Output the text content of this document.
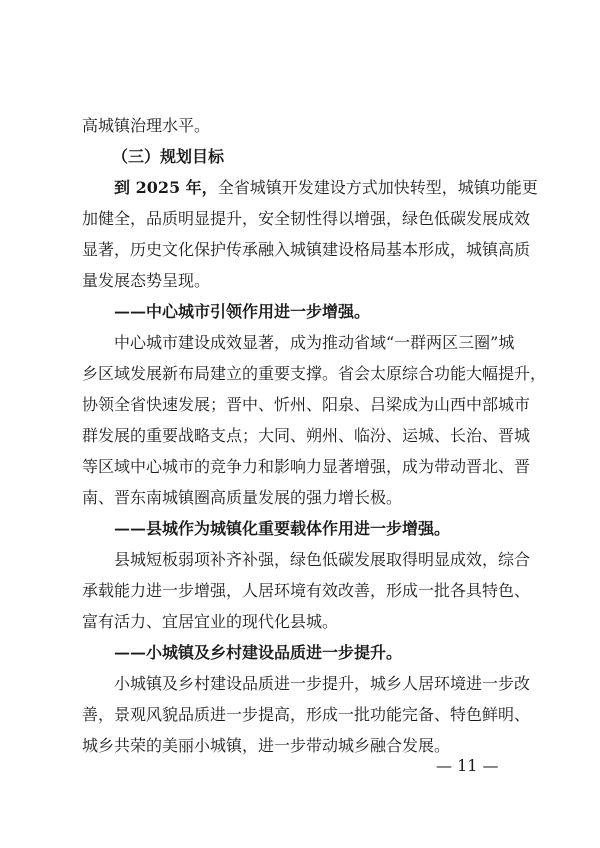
高城镇治理水平。
（三）规划目标
到 2025 年，全省城镇开发建设方式加快转型，城镇功能更
加健全，品质明显提升，安全韧性得以增强，绿色低碳发展成效
显著，历史文化保护传承融入城镇建设格局基本形成，城镇高质
量发展态势呈现。
——中心城市引领作用进一步增强。
中心城市建设成效显著，成为推动省域“一群两区三圈”城
乡区域发展新布局建立的重要支撑。省会太原综合功能大幅提升，
协领全省快速发展；晋中、忻州、阳泉、吕梁成为山西中部城市
群发展的重要战略支点；大同、朔州、临汾、运城、长治、晋城
等区域中心城市的竞争力和影响力显著增强，成为带动晋北、晋
南、晋东南城镇圈高质量发展的强力增长极。
——县城作为城镇化重要载体作用进一步增强。
县城短板弱项补齐补强，绿色低碳发展取得明显成效，综合
承载能力进一步增强，人居环境有效改善，形成一批各具特色、
富有活力、宜居宜业的现代化县城。
——小城镇及乡村建设品质进一步提升。
小城镇及乡村建设品质进一步提升，城乡人居环境进一步改
善，景观风貌品质进一步提高，形成一批功能完备、特色鲜明、
城乡共荣的美丽小城镇，进一步带动城乡融合发展。
— 11 —
